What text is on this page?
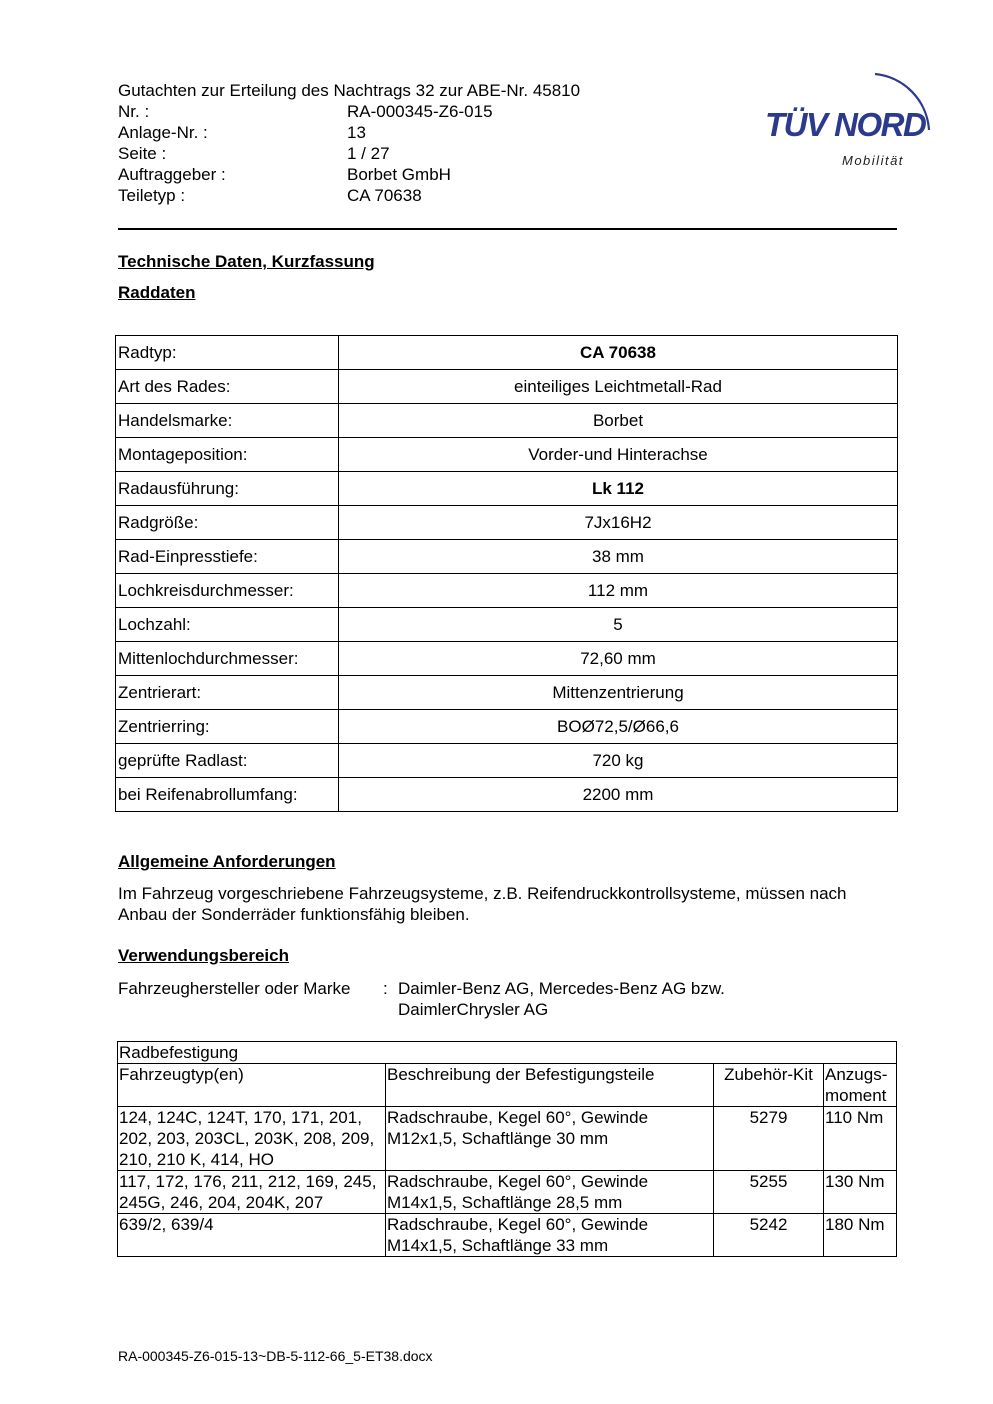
Gutachten zur Erteilung des Nachtrags 32 zur ABE-Nr. 45810
Nr. :	RA-000345-Z6-015
Anlage-Nr. :	13
Seite :	1 / 27
Auftraggeber :	Borbet GmbH
Teiletyp :	CA 70638
TÜV NORD
Mobilität
Technische Daten, Kurzfassung
Raddaten
Radtyp:	CA 70638
Art des Rades:	einteiliges Leichtmetall-Rad
Handelsmarke:	Borbet
Montageposition:	Vorder-und Hinterachse
Radausführung:	Lk 112
Radgröße:	7Jx16H2
Rad-Einpresstiefe:	38 mm
Lochkreisdurchmesser:	112 mm
Lochzahl:	5
Mittenlochdurchmesser:	72,60 mm
Zentrierart:	Mittenzentrierung
Zentrierring:	BOØ72,5/Ø66,6
geprüfte Radlast:	720 kg
bei Reifenabrollumfang:	2200 mm
Allgemeine Anforderungen
Im Fahrzeug vorgeschriebene Fahrzeugsysteme, z.B. Reifendruckkontrollsysteme, müssen nach Anbau der Sonderräder funktionsfähig bleiben.
Verwendungsbereich
Fahrzeughersteller oder Marke : Daimler-Benz AG, Mercedes-Benz AG bzw. DaimlerChrysler AG
Radbefestigung			
Fahrzeugtyp(en)	Beschreibung der Befestigungsteile	Zubehör-Kit	Anzugs-moment
124, 124C, 124T, 170, 171, 201, 202, 203, 203CL, 203K, 208, 209, 210, 210 K, 414, HO	Radschraube, Kegel 60°, Gewinde M12x1,5, Schaftlänge 30 mm	5279	110 Nm
117, 172, 176, 211, 212, 169, 245, 245G, 246, 204, 204K, 207	Radschraube, Kegel 60°, Gewinde M14x1,5, Schaftlänge 28,5 mm	5255	130 Nm
639/2, 639/4	Radschraube, Kegel 60°, Gewinde M14x1,5, Schaftlänge 33 mm	5242	180 Nm
RA-000345-Z6-015-13~DB-5-112-66_5-ET38.docx
